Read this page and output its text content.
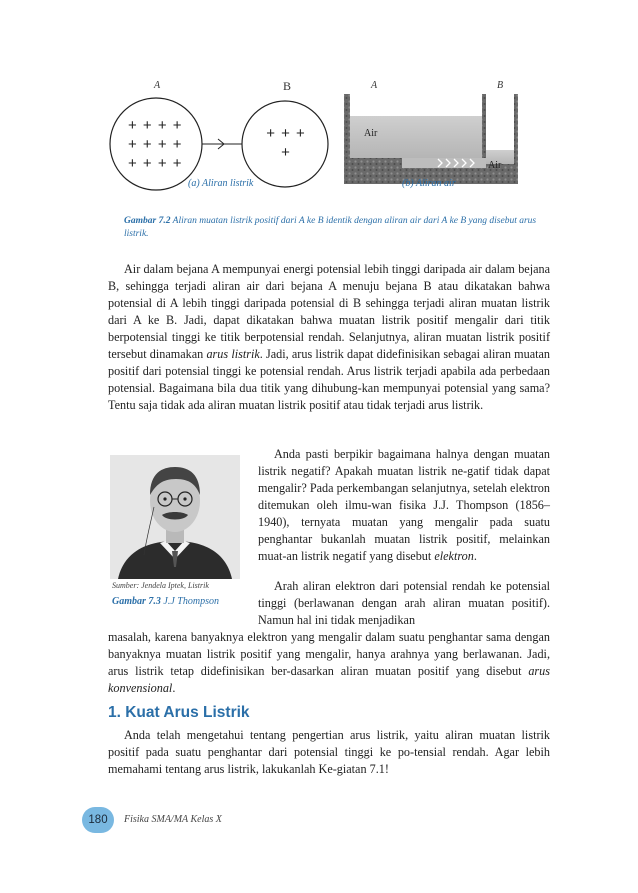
A	B
+ + + +
+ + + +
+ + + +
+ + +
+
(a) Aliran listrik
A	B
Air
Air
(b) Aliran air
Gambar 7.2 Aliran muatan listrik positif dari A ke B identik dengan aliran air dari A ke B yang disebut arus listrik.

Air dalam bejana A mempunyai energi potensial lebih tinggi daripada air dalam bejana B, sehingga terjadi aliran air dari bejana A menuju bejana B atau dikatakan bahwa potensial di A lebih tinggi daripada potensial di B sehingga terjadi aliran muatan listrik dari A ke B. Jadi, dapat dikatakan bahwa muatan listrik positif mengalir dari titik berpotensial tinggi ke titik berpotensial rendah. Selanjutnya, aliran muatan listrik positif tersebut dinamakan arus listrik. Jadi, arus listrik dapat didefinisikan sebagai aliran muatan positif dari potensial tinggi ke potensial rendah. Arus listrik terjadi apabila ada perbedaan potensial. Bagaimana bila dua titik yang dihubung-kan mempunyai potensial yang sama? Tentu saja tidak ada aliran muatan listrik positif atau tidak terjadi arus listrik.

Sumber: Jendela Iptek, Listrik
Gambar 7.3 J.J Thompson

Anda pasti berpikir bagaimana halnya dengan muatan listrik negatif? Apakah muatan listrik ne-gatif tidak dapat mengalir? Pada perkembangan selanjutnya, setelah elektron ditemukan oleh ilmu-wan fisika J.J. Thompson (1856–1940), ternyata muatan yang mengalir pada suatu penghantar bukanlah muatan listrik positif, melainkan muat-an listrik negatif yang disebut elektron.

Arah aliran elektron dari potensial rendah ke potensial tinggi (berlawanan dengan arah aliran muatan positif). Namun hal ini tidak menjadikan

masalah, karena banyaknya elektron yang mengalir dalam suatu penghantar sama dengan banyaknya muatan listrik positif yang mengalir, hanya arahnya yang berlawanan. Jadi, arus listrik tetap didefinisikan ber-dasarkan aliran muatan positif yang disebut arus konvensional.

1. Kuat Arus Listrik

Anda telah mengetahui tentang pengertian arus listrik, yaitu aliran muatan listrik positif pada suatu penghantar dari potensial tinggi ke po-tensial rendah. Agar lebih memahami tentang arus listrik, lakukanlah Ke-giatan 7.1!

180	Fisika SMA/MA Kelas X
